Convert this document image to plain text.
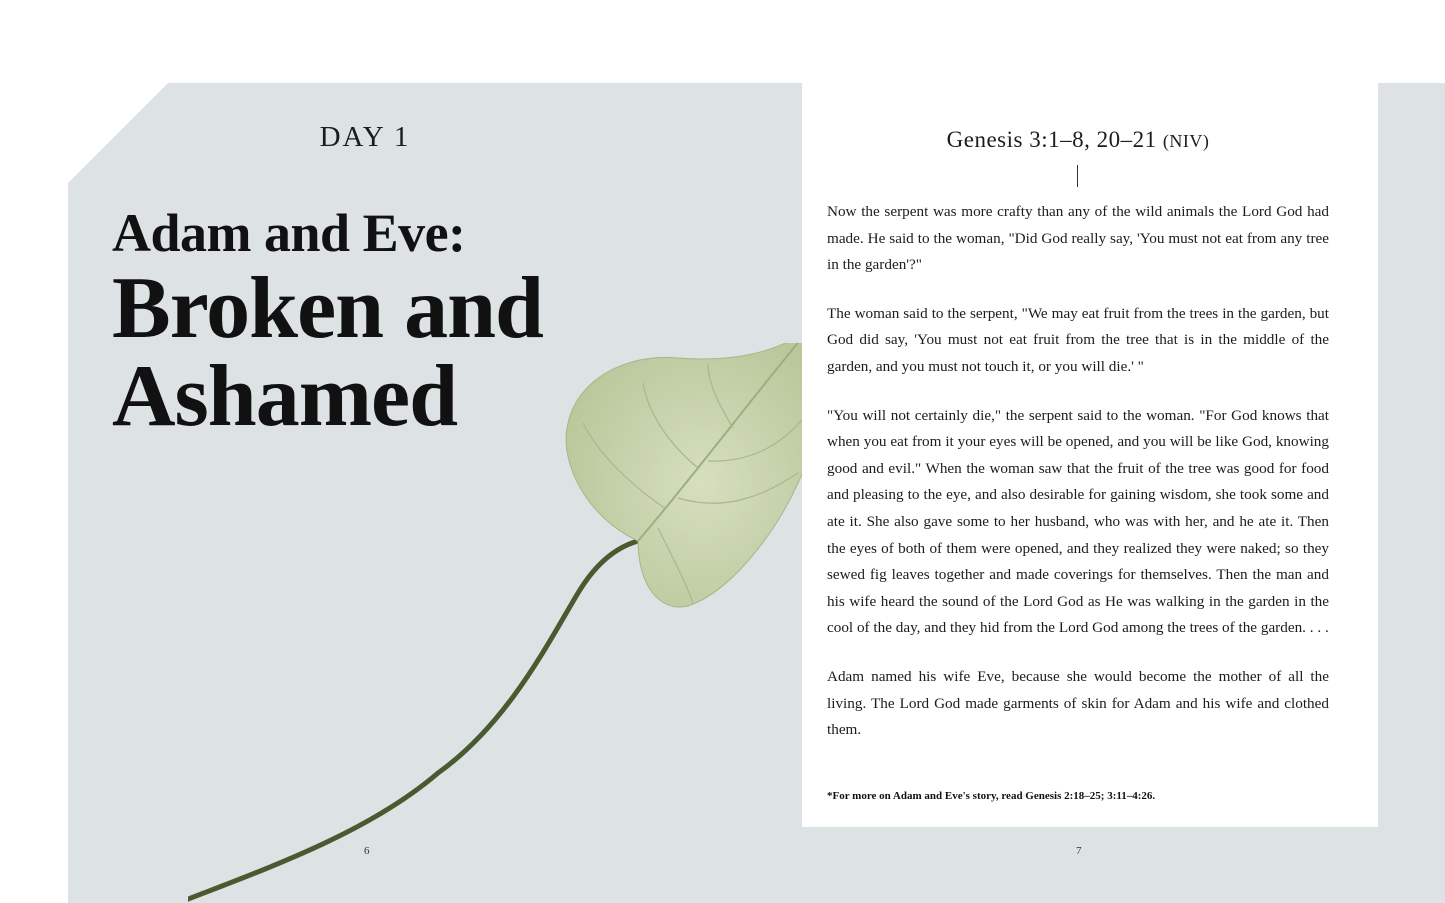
DAY 1
Adam and Eve:
Broken and
Ashamed
6
Genesis 3:1–8, 20–21 (NIV)

Now the serpent was more crafty than any of the wild animals the Lord God had made. He said to the woman, "Did God really say, 'You must not eat from any tree in the garden'?"

The woman said to the serpent, "We may eat fruit from the trees in the garden, but God did say, 'You must not eat fruit from the tree that is in the middle of the garden, and you must not touch it, or you will die.' "

"You will not certainly die," the serpent said to the woman. "For God knows that when you eat from it your eyes will be opened, and you will be like God, knowing good and evil." When the woman saw that the fruit of the tree was good for food and pleasing to the eye, and also desirable for gaining wisdom, she took some and ate it. She also gave some to her husband, who was with her, and he ate it. Then the eyes of both of them were opened, and they realized they were naked; so they sewed fig leaves together and made coverings for themselves. Then the man and his wife heard the sound of the Lord God as He was walking in the garden in the cool of the day, and they hid from the Lord God among the trees of the garden. . . .

Adam named his wife Eve, because she would become the mother of all the living. The Lord God made garments of skin for Adam and his wife and clothed them.

*For more on Adam and Eve's story, read Genesis 2:18–25; 3:11–4:26.
7
